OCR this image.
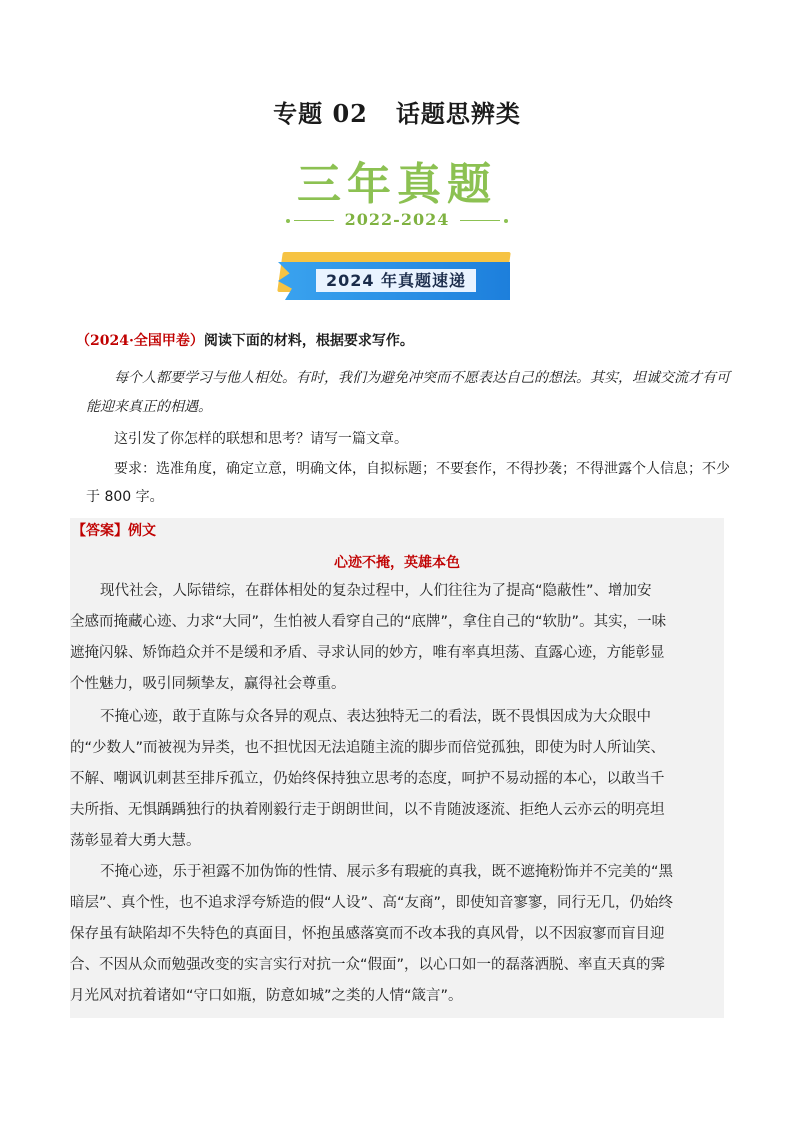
专题 02 话题思辨类
三年真题
2022-2024
2024 年真题速递
（2024·全国甲卷）阅读下面的材料，根据要求写作。
每个人都要学习与他人相处。有时，我们为避免冲突而不愿表达自己的想法。其实，坦诚交流才有可能迎来真正的相遇。
这引发了你怎样的联想和思考？请写一篇文章。
要求：选准角度，确定立意，明确文体，自拟标题；不要套作，不得抄袭；不得泄露个人信息；不少于 800 字。
【答案】例文
心迹不掩，英雄本色
现代社会，人际错综，在群体相处的复杂过程中，人们往往为了提高“隐蔽性”、增加安
全感而掩藏心迹、力求“大同”，生怕被人看穿自己的“底牌”，拿住自己的“软肋”。其实，一味
遮掩闪躲、矫饰趋众并不是缓和矛盾、寻求认同的妙方，唯有率真坦荡、直露心迹，方能彰显
个性魅力，吸引同频挚友，赢得社会尊重。
不掩心迹，敢于直陈与众各异的观点、表达独特无二的看法，既不畏惧因成为大众眼中
的“少数人”而被视为异类，也不担忧因无法追随主流的脚步而倍觉孤独，即使为时人所讪笑、
不解、嘲讽讥刺甚至排斥孤立，仍始终保持独立思考的态度，呵护不易动摇的本心，以敢当千
夫所指、无惧踽踽独行的执着刚毅行走于朗朗世间，以不肯随波逐流、拒绝人云亦云的明亮坦
荡彰显着大勇大慧。
不掩心迹，乐于袒露不加伪饰的性情、展示多有瑕疵的真我，既不遮掩粉饰并不完美的“黑
暗层”、真个性，也不追求浮夸矫造的假“人设”、高“友商”，即使知音寥寥，同行无几，仍始终
保存虽有缺陷却不失特色的真面目，怀抱虽感落寞而不改本我的真风骨，以不因寂寥而盲目迎
合、不因从众而勉强改变的实言实行对抗一众“假面”，以心口如一的磊落洒脱、率直天真的霁
月光风对抗着诸如“守口如瓶，防意如城”之类的人情“箴言”。
